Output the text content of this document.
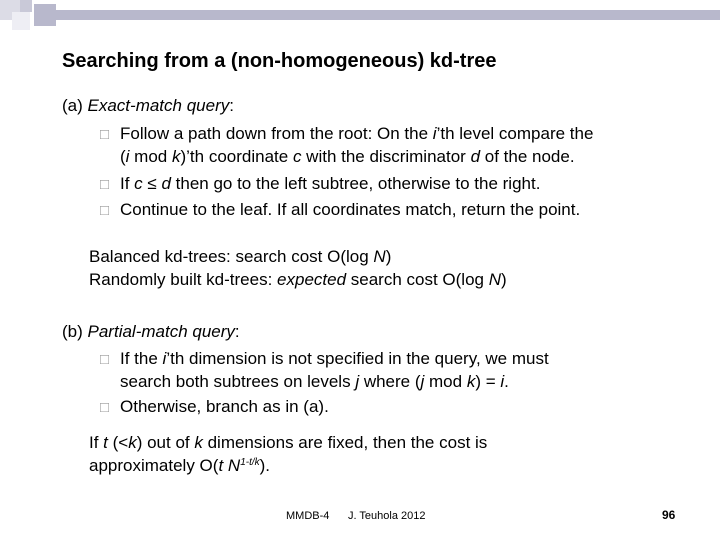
Searching from a (non-homogeneous) kd-tree
(a) Exact-match query:
□ Follow a path down from the root: On the i’th level compare the
(i mod k)’th coordinate c with the discriminator d of the node.
□ If c ≤ d then go to the left subtree, otherwise to the right.
□ Continue to the leaf. If all coordinates match, return the point.
Balanced kd-trees: search cost O(log N)
Randomly built kd-trees: expected search cost O(log N)
(b) Partial-match query:
□ If the i’th dimension is not specified in the query, we must
search both subtrees on levels j where (j mod k) = i.
□ Otherwise, branch as in (a).
If t (<k) out of k dimensions are fixed, then the cost is
approximately O(t $N^{1-t/k}$).
MMDB-4 J. Teuhola 2012	96
